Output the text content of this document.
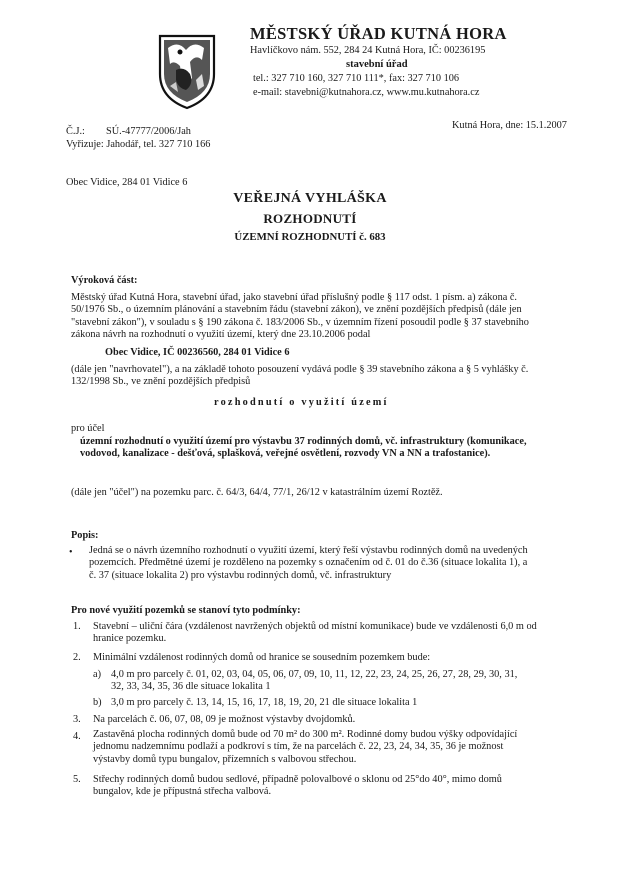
MĚSTSKÝ ÚŘAD KUTNÁ HORA
Havlíčkovo nám. 552, 284 24 Kutná Hora, IČ: 00236195
stavební úřad
tel.: 327 710 160, 327 710 111*, fax: 327 710 106
e-mail: stavebni@kutnahora.cz, www.mu.kutnahora.cz
Č.J.: SÚ.-47777/2006/Jah
Vyřizuje: Jahodář, tel. 327 710 166
Kutná Hora, dne: 15.1.2007
Obec Vidice, 284 01 Vidice 6
VEŘEJNÁ VYHLÁŠKA
ROZHODNUTÍ
ÚZEMNÍ ROZHODNUTÍ č. 683
Výroková část:
Městský úřad Kutná Hora, stavební úřad, jako stavební úřad příslušný podle § 117 odst. 1 písm. a) zákona č.
50/1976 Sb., o územním plánování a stavebním řádu (stavební zákon), ve znění pozdějších předpisů (dále jen
"stavební zákon"), v souladu s § 190 zákona č. 183/2006 Sb., v územním řízení posoudil podle § 37 stavebního
zákona návrh na rozhodnutí o využití území, který dne 23.10.2006 podal
Obec Vidice, IČ 00236560, 284 01 Vidice 6
(dále jen "navrhovatel"), a na základě tohoto posouzení vydává podle § 39 stavebního zákona a § 5 vyhlášky č.
132/1998 Sb., ve znění pozdějších předpisů
rozhodnutí o využití území
pro účel
územní rozhodnutí o využití území pro výstavbu 37 rodinných domů, vč. infrastruktury (komunikace,
vodovod, kanalizace - dešťová, splašková, veřejné osvětlení, rozvody VN a NN a trafostanice).
(dále jen "účel") na pozemku parc. č. 64/3, 64/4, 77/1, 26/12 v katastrálním území Roztěž.
Popis:
• Jedná se o návrh územního rozhodnutí o využití území, který řeší výstavbu rodinných domů na uvedených
pozemcích. Předmětné území je rozděleno na pozemky s označením od č. 01 do č.36 (situace lokalita 1), a
č. 37 (situace lokalita 2) pro výstavbu rodinných domů, vč. infrastruktury
Pro nové využití pozemků se stanoví tyto podmínky:
1. Stavební – uliční čára (vzdálenost navržených objektů od místní komunikace) bude ve vzdálenosti 6,0 m od
hranice pozemku.
2. Minimální vzdálenost rodinných domů od hranice se sousedním pozemkem bude:
a) 4,0 m pro parcely č. 01, 02, 03, 04, 05, 06, 07, 09, 10, 11, 12, 22, 23, 24, 25, 26, 27, 28, 29, 30, 31,
32, 33, 34, 35, 36 dle situace lokalita 1
b) 3,0 m pro parcely č. 13, 14, 15, 16, 17, 18, 19, 20, 21 dle situace lokalita 1
3. Na parcelách č. 06, 07, 08, 09 je možnost výstavby dvojdomků.
4. Zastavěná plocha rodinných domů bude od 70 m² do 300 m². Rodinné domy budou výšky odpovídající
jednomu nadzemnímu podlaží a podkroví s tím, že na parcelách č. 22, 23, 24, 34, 35, 36 je možnost
výstavby domů typu bungalov, přízemních s valbovou střechou.
5. Střechy rodinných domů budou sedlové, případně polovalbové o sklonu od 25°do 40°, mimo domů
bungalov, kde je přípustná střecha valbová.
